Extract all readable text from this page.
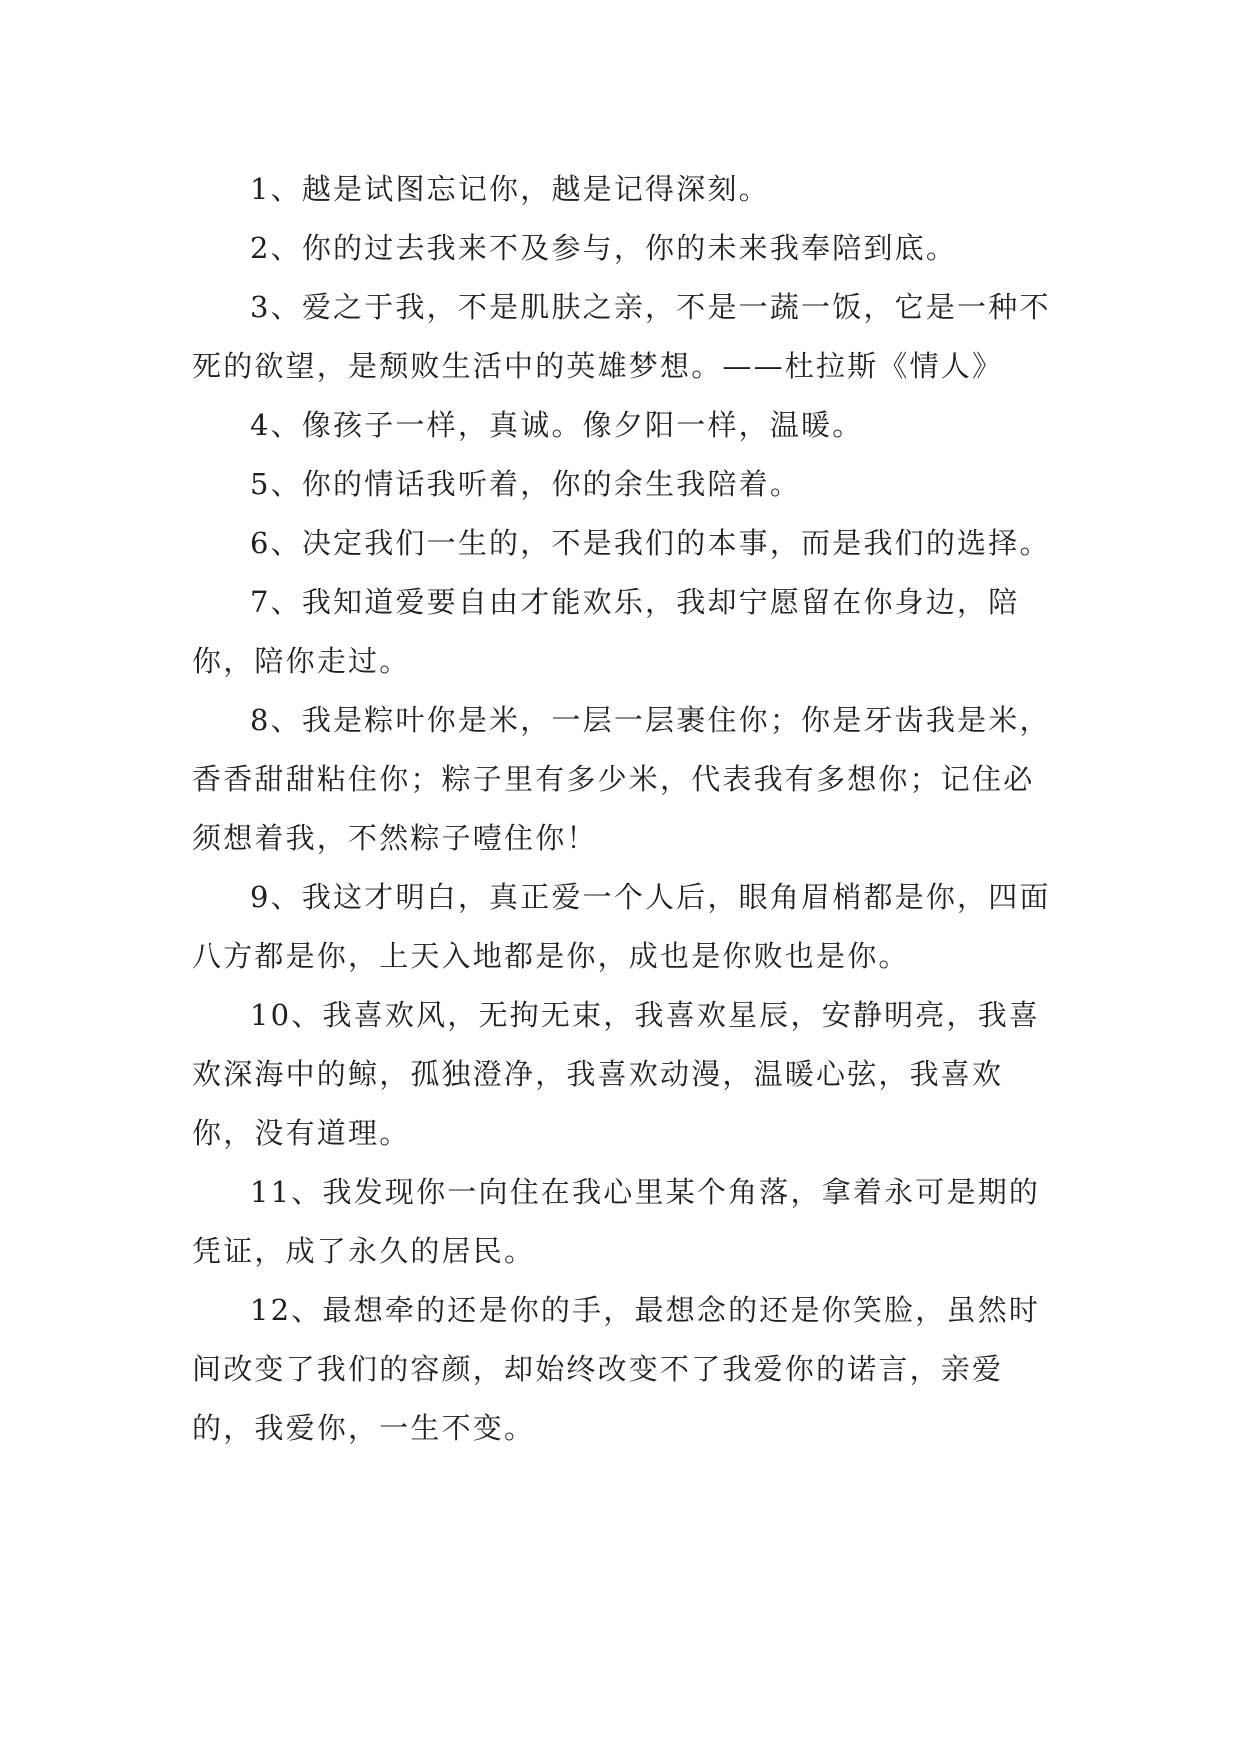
1、越是试图忘记你，越是记得深刻。

2、你的过去我来不及参与，你的未来我奉陪到底。

3、爱之于我，不是肌肤之亲，不是一蔬一饭，它是一种不死的欲望，是颓败生活中的英雄梦想。——杜拉斯《情人》

4、像孩子一样，真诚。像夕阳一样，温暖。

5、你的情话我听着，你的余生我陪着。

6、决定我们一生的，不是我们的本事，而是我们的选择。

7、我知道爱要自由才能欢乐，我却宁愿留在你身边，陪你，陪你走过。

8、我是粽叶你是米，一层一层裹住你；你是牙齿我是米，香香甜甜粘住你；粽子里有多少米，代表我有多想你；记住必须想着我，不然粽子噎住你！

9、我这才明白，真正爱一个人后，眼角眉梢都是你，四面八方都是你，上天入地都是你，成也是你败也是你。

10、我喜欢风，无拘无束，我喜欢星辰，安静明亮，我喜欢深海中的鲸，孤独澄净，我喜欢动漫，温暖心弦，我喜欢你，没有道理。

11、我发现你一向住在我心里某个角落，拿着永可是期的凭证，成了永久的居民。

12、最想牵的还是你的手，最想念的还是你笑脸，虽然时间改变了我们的容颜，却始终改变不了我爱你的诺言，亲爱的，我爱你，一生不变。
